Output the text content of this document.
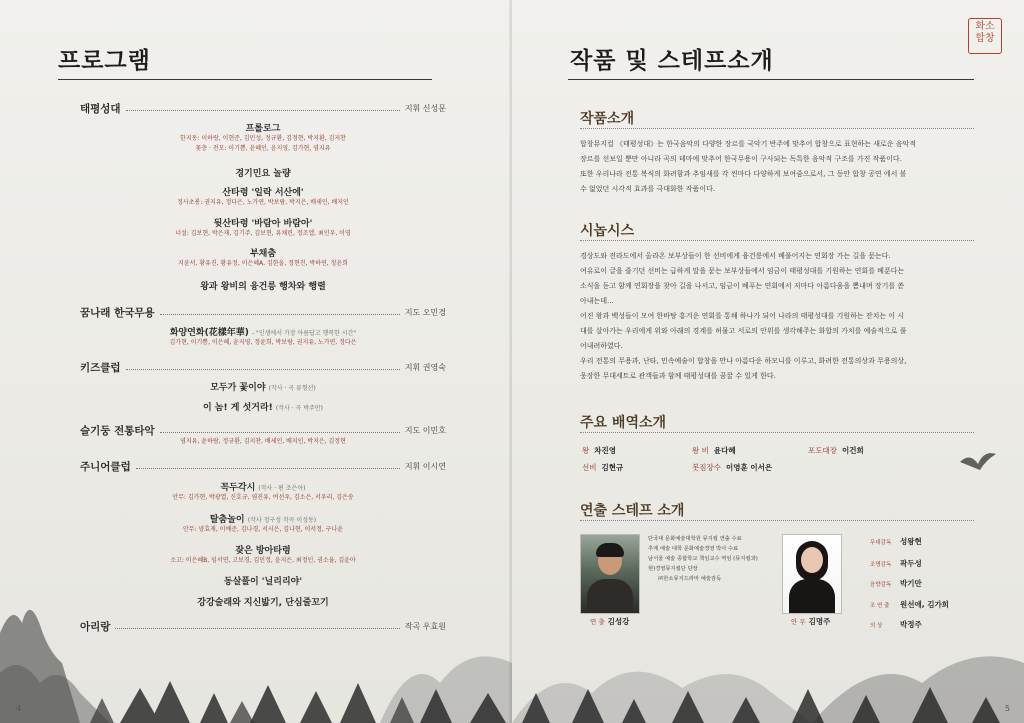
프로그램
태평성대	지휘 신성문
프롤로그
한지동: 이하랑, 이현준, 김민성, 정규환, 김정현, 박지환, 김지찬
꽃층 · 전모: 이기쁨, 윤혜인, 윤지영, 김가현, 염지유
경기민요 놀량
산타령 '일락 서산에'
정사초롱: 권지유, 정다은, 노가연, 박보람, 박지은, 배세인, 배지인
뒷산타령 '바람아 바람아'
너설: 김보현, 박은재, 김기주, 김보현, 유채린, 정조엘, 최인우, 이영
부채춤
지윤서, 황유진, 황유정, 이은혜A, 김한울, 정현진, 박하연, 정윤희
왕과 왕비의 융건릉 행차와 행렬
꿈나래 한국무용	지도 오민경
화양연화(花樣年華) - "인생에서 가장 아름답고 행복한 시간"
김가현, 이기쁨, 이은혜, 윤지영, 정윤희, 박보람, 권지유, 노가연, 정다은
키즈클럽	지휘 권영숙
모두가 꽃이야 (작사 · 곡 류형선)
이 놈! 게 섯거라! (작사 · 곡 박주만)
슬기둥 전통타악	지도 이민호
염지유, 윤하람, 정규환, 김지찬, 배세인, 배지인, 박지은, 김정현
주니어클럽	지휘 이시연
꼭두각시 (작사 · 편 조은아)
안무: 김가현, 박광열, 신호규, 염진유, 여선우, 김소은, 서우리, 김은송
탈춤놀이 (작사 정구성 작곡 이성동)
안무: 양효재, 이예준, 김나경, 서시은, 김나현, 이서정, 구나윤
잦은 방아타령
소고: 이은혜B, 임서연, 고보경, 김민정, 윤지은, 최정인, 권소율, 김윤아
동살풀이 '닐리리야'
강강술래와 지신밟기, 단심줄꼬기
아리랑	작곡 우효원
4
작품 및 스테프소개
화소
합창
작품소개
합창뮤지컬 《태평성대》는 한국음악의 다양한 장르를 국악기 반주에 맞추어 합창으로 표현하는 새로운 음악적
장르를 선보일 뿐만 아니라 곡의 테마에 맞추어 한국무용이 구사되는 독특한 음악적 구조를 가진 작품이다.
또한 우리나라 전통 복식의 화려함과 추임새를 각 씬마다 다양하게 보여줌으로서, 그 동안 합창 공연 에서 볼
수 없었던 시각적 효과를 극대화한 작품이다.
시놉시스
경상도와 전라도에서 올라온 보부상들이 한 선비에게 융건릉에서 베풀어지는 연회장 가는 길을 묻는다.
여유로이 글을 즐기던 선비는 급하게 말을 묻는 보부상들에서 임금이 태평성대를 기원하는 연회를 베푼다는
소식을 듣고 함께 연회장을 찾아 길을 나서고, 임금이 베푸는 연회에서 저마다 아름다움을 뽐내며 장기를 쏟
아내는데...
어진 왕과 백성들이 모여 한바탕 흥겨운 연회를 통해 하나가 되어 나라의 태평성대를 기원하는 잔치는 이 시
대를 살아가는 우리에게 위와 아래의 경계를 허물고 서로의 안위를 생각해주는 화합의 가치를 예술적으로 풀
어내려하였다.
우리 전통의 무용과, 난타, 민속예술이 합창을 만나 아름다운 하모니를 이루고, 화려한 전통의상과 무용의상,
웅장한 무대세트로 관객들과 함께 태평성대를 꿈꿀 수 있게 한다.
주요 배역소개
왕 차진영	왕 비 윤다혜	포도대장 이건희
선비 김현규	봇짐장수 이영훈 이서은
연출 스테프 소개
단국대 문화예술대학원 뮤지컬 연출 수료
추계 예술 대학 문화예술경영 박사 수료
남서울 예술 종합학교 책임교수 역임 (뮤지컬과)
현)경영뮤지컬단 단장
㈜한소뮤지드라마 예술감독
연 출 김성강	안 무 김명주
무대감독 성왕현
조명감독 곽두성
음향감독 박기만
조 연 출 원선애, 김가희
의 상 박정주
5
